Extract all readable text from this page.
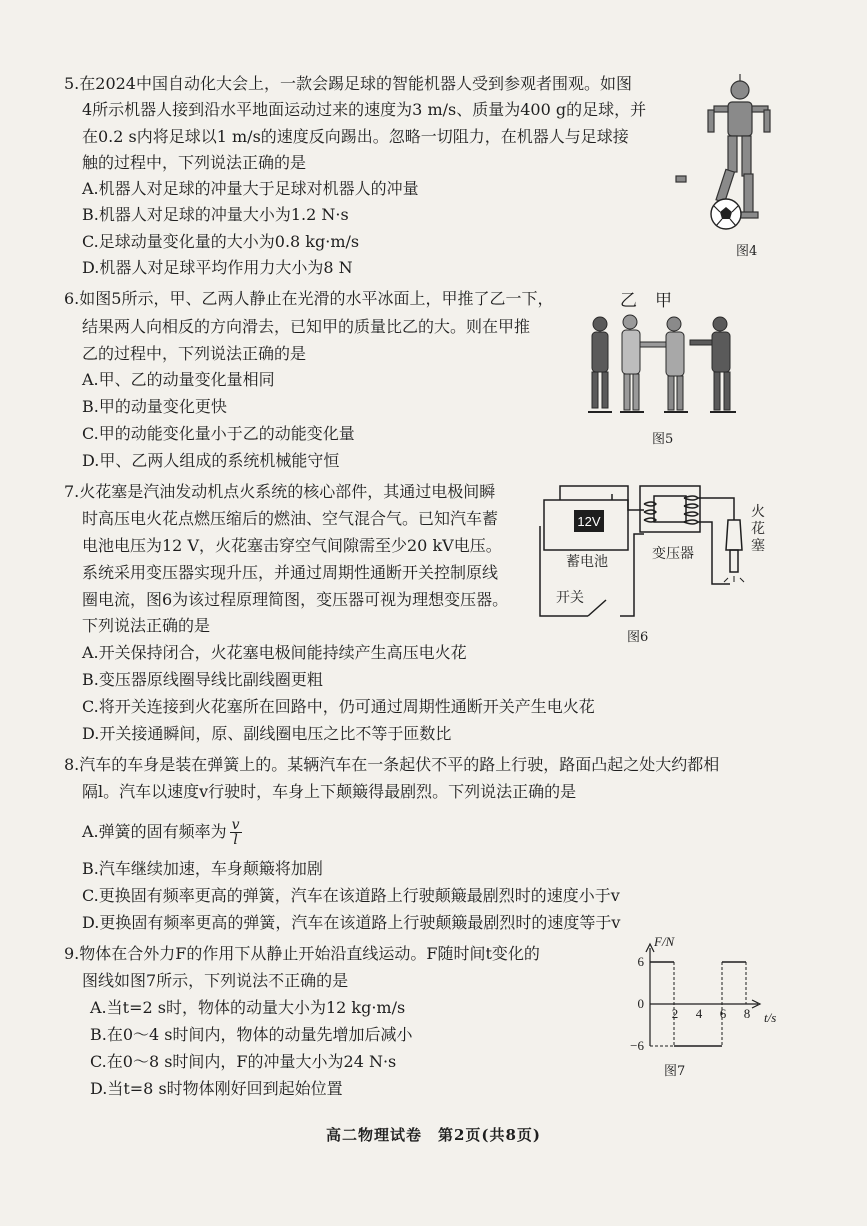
5.在2024中国自动化大会上，一款会踢足球的智能机器人受到参观者围观。如图
4所示机器人接到沿水平地面运动过来的速度为3 m/s、质量为400 g的足球，并
在0.2 s内将足球以1 m/s的速度反向踢出。忽略一切阻力，在机器人与足球接
触的过程中，下列说法正确的是
A.机器人对足球的冲量大于足球对机器人的冲量
B.机器人对足球的冲量大小为1.2 N·s
C.足球动量变化量的大小为0.8 kg·m/s
D.机器人对足球平均作用力大小为8 N
图4
6.如图5所示，甲、乙两人静止在光滑的水平冰面上，甲推了乙一下，
结果两人向相反的方向滑去，已知甲的质量比乙的大。则在甲推
乙的过程中，下列说法正确的是
A.甲、乙的动量变化量相同
B.甲的动量变化更快
C.甲的动能变化量小于乙的动能变化量
D.甲、乙两人组成的系统机械能守恒
乙 甲
图5
7.火花塞是汽油发动机点火系统的核心部件，其通过电极间瞬
时高压电火花点燃压缩后的燃油、空气混合气。已知汽车蓄
电池电压为12 V，火花塞击穿空气间隙需至少20 kV电压。
系统采用变压器实现升压，并通过周期性通断开关控制原线
圈电流，图6为该过程原理简图，变压器可视为理想变压器。
下列说法正确的是
A.开关保持闭合，火花塞电极间能持续产生高压电火花
B.变压器原线圈导线比副线圈更粗
C.将开关连接到火花塞所在回路中，仍可通过周期性通断开关产生电火花
D.开关接通瞬间，原、副线圈电压之比不等于匝数比
12V
蓄电池	变压器
开关
火花塞
图6
8.汽车的车身是装在弹簧上的。某辆汽车在一条起伏不平的路上行驶，路面凸起之处大约都相
隔l。汽车以速度v行驶时，车身上下颠簸得最剧烈。下列说法正确的是
A.弹簧的固有频率为 $\frac{v}{l}$
B.汽车继续加速，车身颠簸将加剧
C.更换固有频率更高的弹簧，汽车在该道路上行驶颠簸最剧烈时的速度小于v
D.更换固有频率更高的弹簧，汽车在该道路上行驶颠簸最剧烈时的速度等于v
9.物体在合外力F的作用下从静止开始沿直线运动。F随时间t变化的
图线如图7所示，下列说法不正确的是
A.当t=2 s时，物体的动量大小为12 kg·m/s
B.在0～4 s时间内，物体的动量先增加后减小
C.在0～8 s时间内，F的冲量大小为24 N·s
D.当t=8 s时物体刚好回到起始位置
2 4 6 8
6
0
−6
F/N
t/s
图7
高二物理试卷　第2页(共8页)
